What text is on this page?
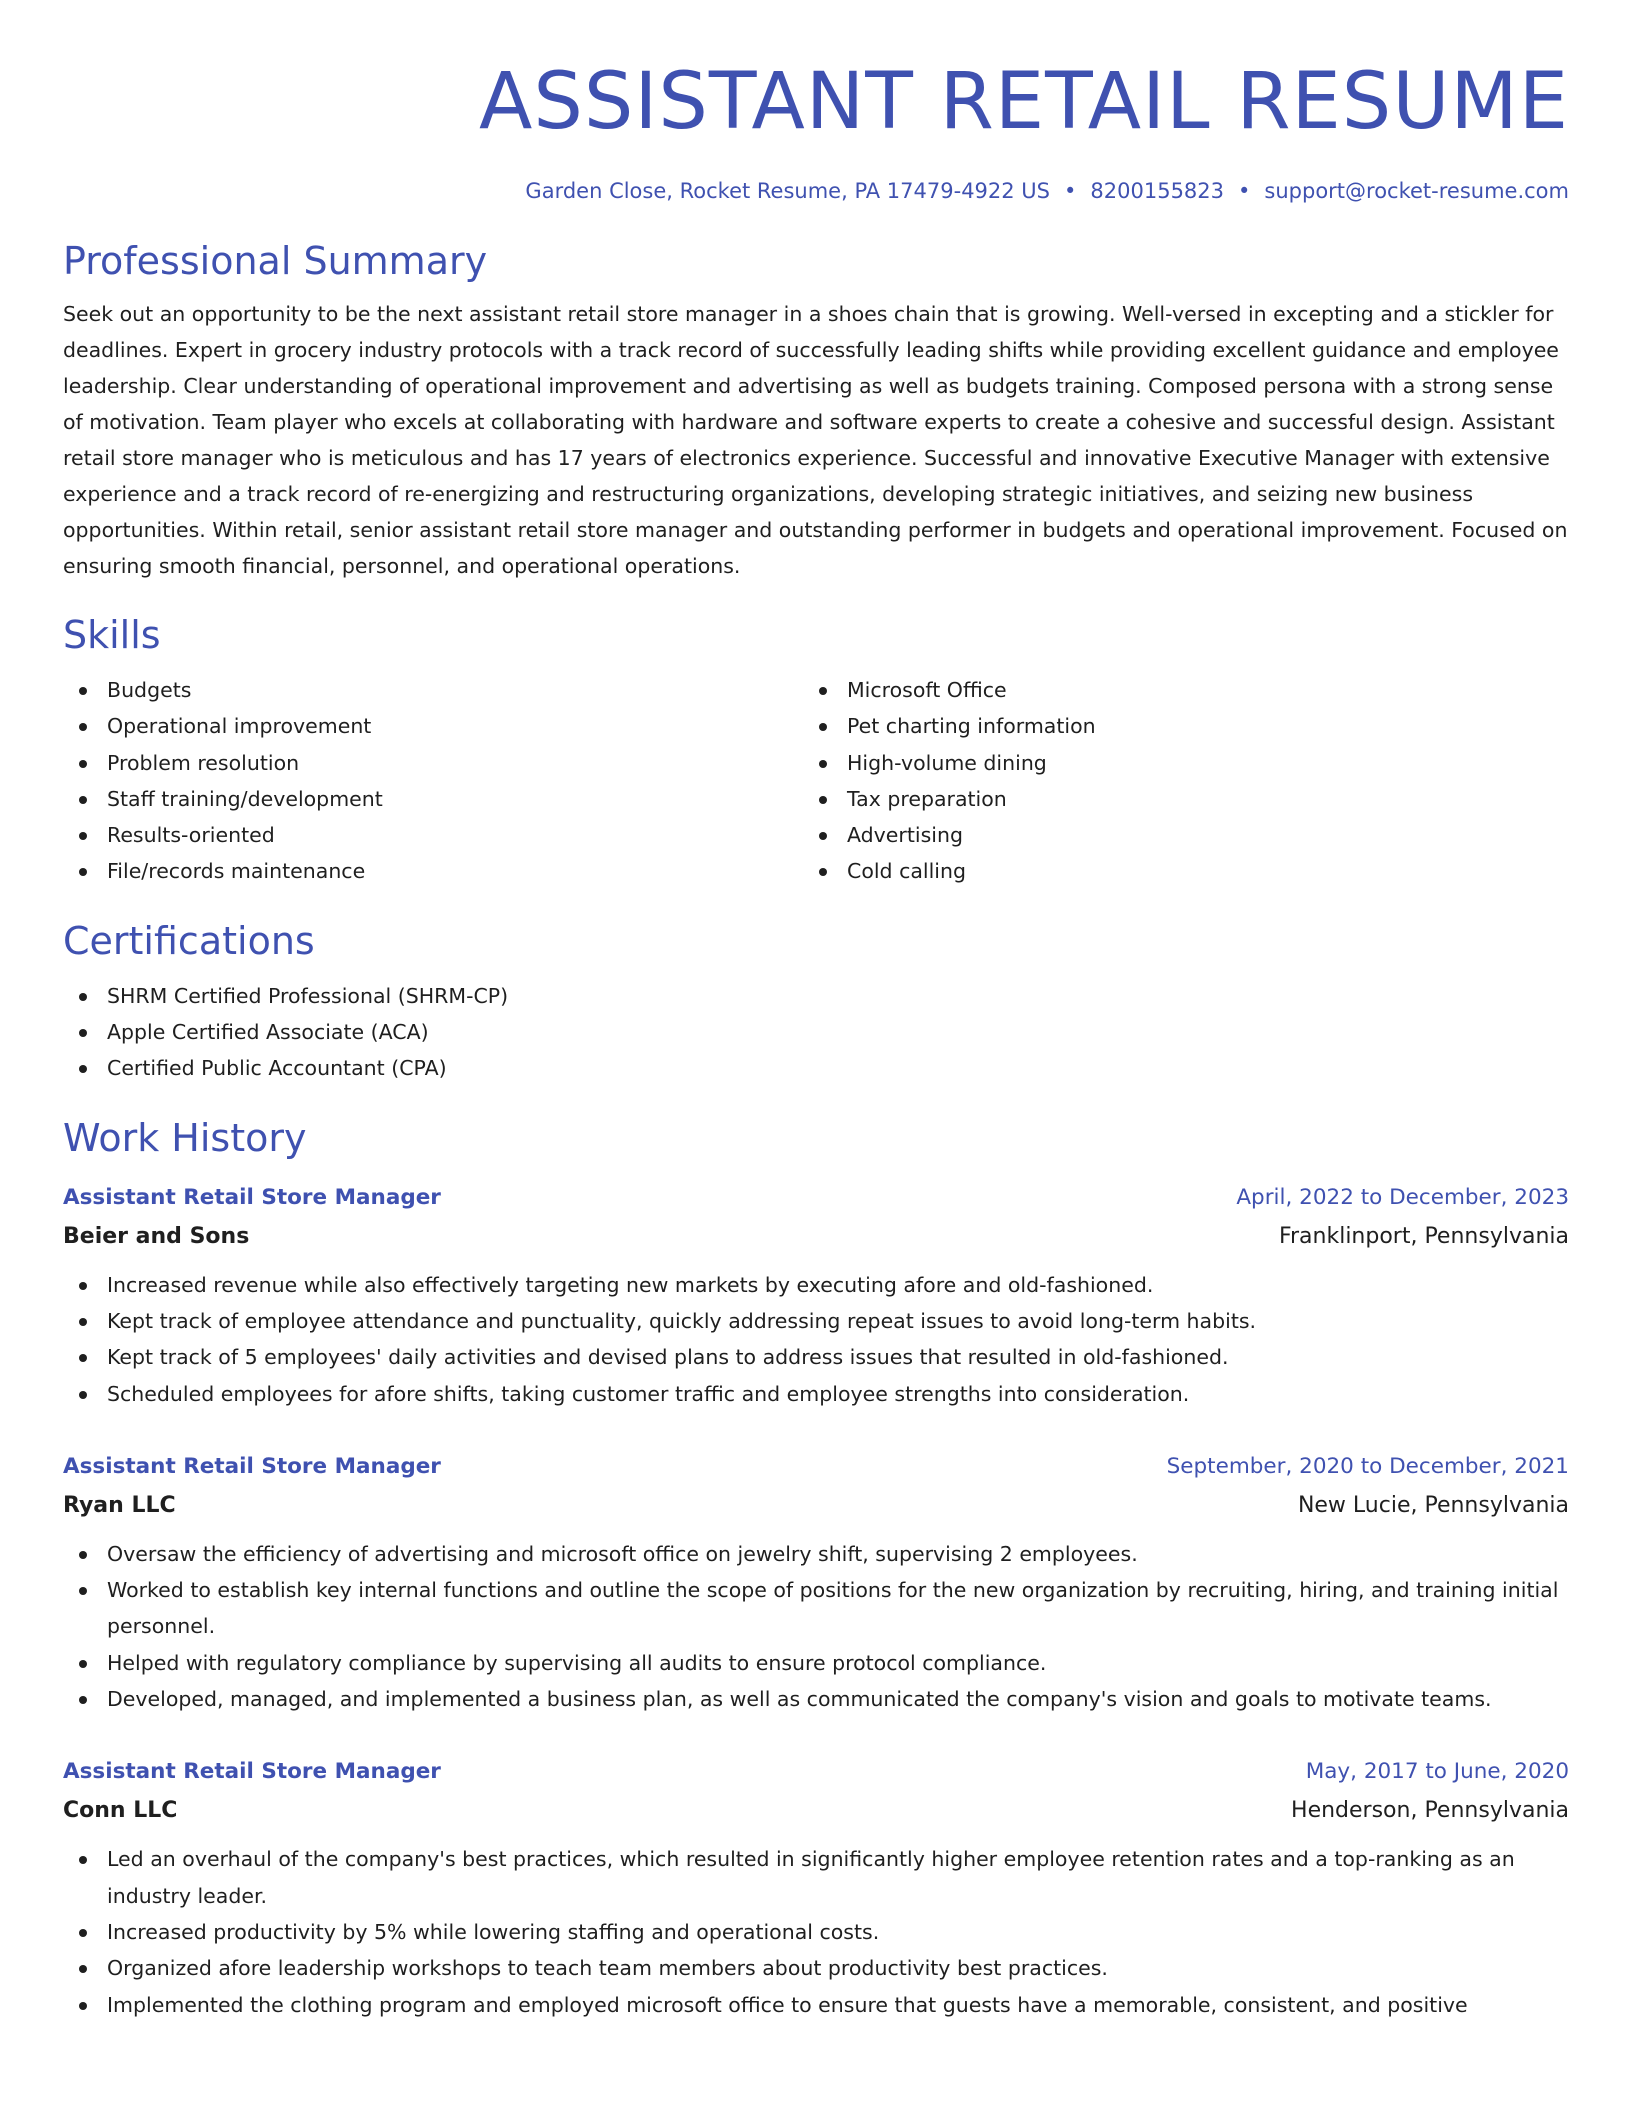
ASSISTANT RETAIL RESUME
Garden Close, Rocket Resume, PA 17479-4922 US • 8200155823 • support@rocket-resume.com
Professional Summary

Seek out an opportunity to be the next assistant retail store manager in a shoes chain that is growing. Well-versed in excepting and a stickler for deadlines. Expert in grocery industry protocols with a track record of successfully leading shifts while providing excellent guidance and employee leadership. Clear understanding of operational improvement and advertising as well as budgets training. Composed persona with a strong sense of motivation. Team player who excels at collaborating with hardware and software experts to create a cohesive and successful design. Assistant retail store manager who is meticulous and has 17 years of electronics experience. Successful and innovative Executive Manager with extensive experience and a track record of re-energizing and restructuring organizations, developing strategic initiatives, and seizing new business opportunities. Within retail, senior assistant retail store manager and outstanding performer in budgets and operational improvement. Focused on ensuring smooth financial, personnel, and operational operations.

Skills
Budgets
Operational improvement
Problem resolution
Staff training/development
Results-oriented
File/records maintenance
Microsoft Office
Pet charting information
High-volume dining
Tax preparation
Advertising
Cold calling
Certifications
SHRM Certified Professional (SHRM-CP)
Apple Certified Associate (ACA)
Certified Public Accountant (CPA)
Work History
Assistant Retail Store Manager	April, 2022 to December, 2023
Beier and Sons	Franklinport, Pennsylvania
Increased revenue while also effectively targeting new markets by executing afore and old-fashioned.
Kept track of employee attendance and punctuality, quickly addressing repeat issues to avoid long-term habits.
Kept track of 5 employees' daily activities and devised plans to address issues that resulted in old-fashioned.
Scheduled employees for afore shifts, taking customer traffic and employee strengths into consideration.
Assistant Retail Store Manager	September, 2020 to December, 2021
Ryan LLC	New Lucie, Pennsylvania
Oversaw the efficiency of advertising and microsoft office on jewelry shift, supervising 2 employees.
Worked to establish key internal functions and outline the scope of positions for the new organization by recruiting, hiring, and training initial personnel.
Helped with regulatory compliance by supervising all audits to ensure protocol compliance.
Developed, managed, and implemented a business plan, as well as communicated the company's vision and goals to motivate teams.
Assistant Retail Store Manager	May, 2017 to June, 2020
Conn LLC	Henderson, Pennsylvania
Led an overhaul of the company's best practices, which resulted in significantly higher employee retention rates and a top-ranking as an industry leader.
Increased productivity by 5% while lowering staffing and operational costs.
Organized afore leadership workshops to teach team members about productivity best practices.
Implemented the clothing program and employed microsoft office to ensure that guests have a memorable, consistent, and positive
